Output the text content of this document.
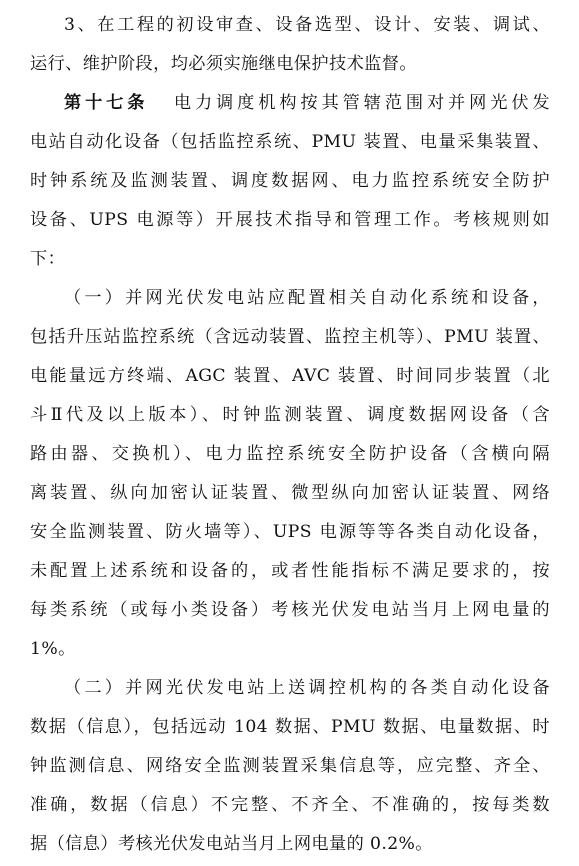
3、在工程的初设审查、设备选型、设计、安装、调试、
运行、维护阶段，均必须实施继电保护技术监督。
第十七条 电力调度机构按其管辖范围对并网光伏发
电站自动化设备（包括监控系统、PMU 装置、电量采集装置、
时钟系统及监测装置、调度数据网、电力监控系统安全防护
设备、UPS 电源等）开展技术指导和管理工作。考核规则如
下：
（一）并网光伏发电站应配置相关自动化系统和设备，
包括升压站监控系统（含远动装置、监控主机等）、PMU 装置、
电能量远方终端、AGC 装置、AVC 装置、时间同步装置（北
斗Ⅱ代及以上版本）、时钟监测装置、调度数据网设备（含
路由器、交换机）、电力监控系统安全防护设备（含横向隔
离装置、纵向加密认证装置、微型纵向加密认证装置、网络
安全监测装置、防火墙等）、UPS 电源等等各类自动化设备，
未配置上述系统和设备的，或者性能指标不满足要求的，按
每类系统（或每小类设备）考核光伏发电站当月上网电量的
1%。
（二）并网光伏发电站上送调控机构的各类自动化设备
数据（信息），包括远动 104 数据、PMU 数据、电量数据、时
钟监测信息、网络安全监测装置采集信息等，应完整、齐全、
准确，数据（信息）不完整、不齐全、不准确的，按每类数
据（信息）考核光伏发电站当月上网电量的 0.2%。
